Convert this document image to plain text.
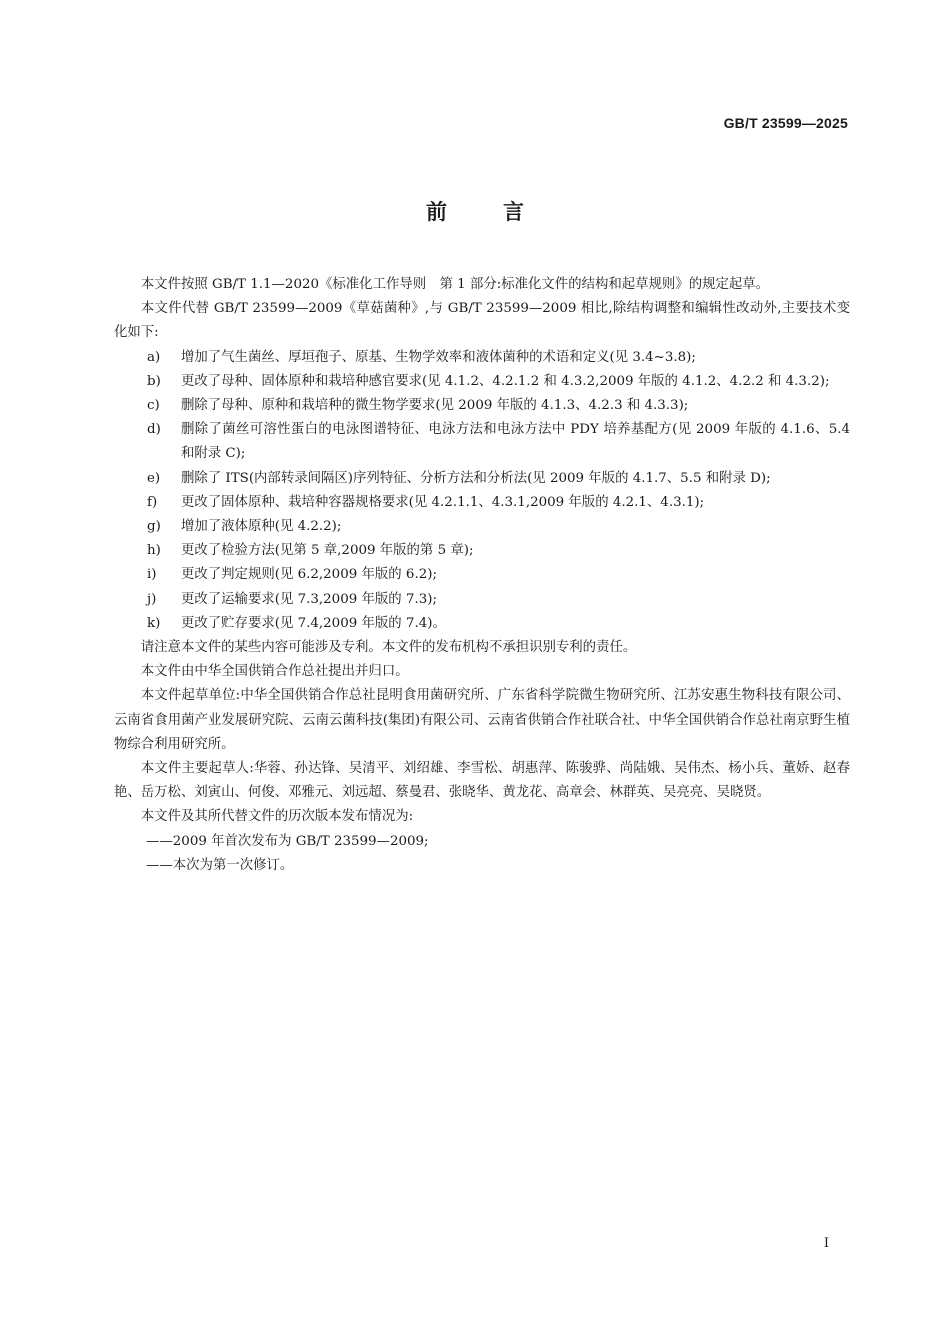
GB/T 23599—2025
前	言

本文件按照 GB/T 1.1—2020《标准化工作导则　第 1 部分:标准化文件的结构和起草规则》的规定起草。

本文件代替 GB/T 23599—2009《草菇菌种》,与 GB/T 23599—2009 相比,除结构调整和编辑性改动外,主要技术变化如下:

a) 增加了气生菌丝、厚垣孢子、原基、生物学效率和液体菌种的术语和定义(见 3.4~3.8);

b) 更改了母种、固体原种和栽培种感官要求(见 4.1.2、4.2.1.2 和 4.3.2,2009 年版的 4.1.2、4.2.2 和 4.3.2);

c) 删除了母种、原种和栽培种的微生物学要求(见 2009 年版的 4.1.3、4.2.3 和 4.3.3);

d) 删除了菌丝可溶性蛋白的电泳图谱特征、电泳方法和电泳方法中 PDY 培养基配方(见 2009 年版的 4.1.6、5.4 和附录 C);

e) 删除了 ITS(内部转录间隔区)序列特征、分析方法和分析法(见 2009 年版的 4.1.7、5.5 和附录 D);

f) 更改了固体原种、栽培种容器规格要求(见 4.2.1.1、4.3.1,2009 年版的 4.2.1、4.3.1);

g) 增加了液体原种(见 4.2.2);

h) 更改了检验方法(见第 5 章,2009 年版的第 5 章);

i) 更改了判定规则(见 6.2,2009 年版的 6.2);

j) 更改了运输要求(见 7.3,2009 年版的 7.3);

k) 更改了贮存要求(见 7.4,2009 年版的 7.4)。

请注意本文件的某些内容可能涉及专利。本文件的发布机构不承担识别专利的责任。

本文件由中华全国供销合作总社提出并归口。

本文件起草单位:中华全国供销合作总社昆明食用菌研究所、广东省科学院微生物研究所、江苏安惠生物科技有限公司、云南省食用菌产业发展研究院、云南云菌科技(集团)有限公司、云南省供销合作社联合社、中华全国供销合作总社南京野生植物综合利用研究所。

本文件主要起草人:华蓉、孙达锋、吴清平、刘绍雄、李雪松、胡惠萍、陈骏骅、尚陆娥、吴伟杰、杨小兵、董娇、赵春艳、岳万松、刘寅山、何俊、邓雅元、刘远超、蔡曼君、张晓华、黄龙花、高章会、林群英、吴亮亮、吴晓贤。

本文件及其所代替文件的历次版本发布情况为:

——2009 年首次发布为 GB/T 23599—2009;

——本次为第一次修订。

I
